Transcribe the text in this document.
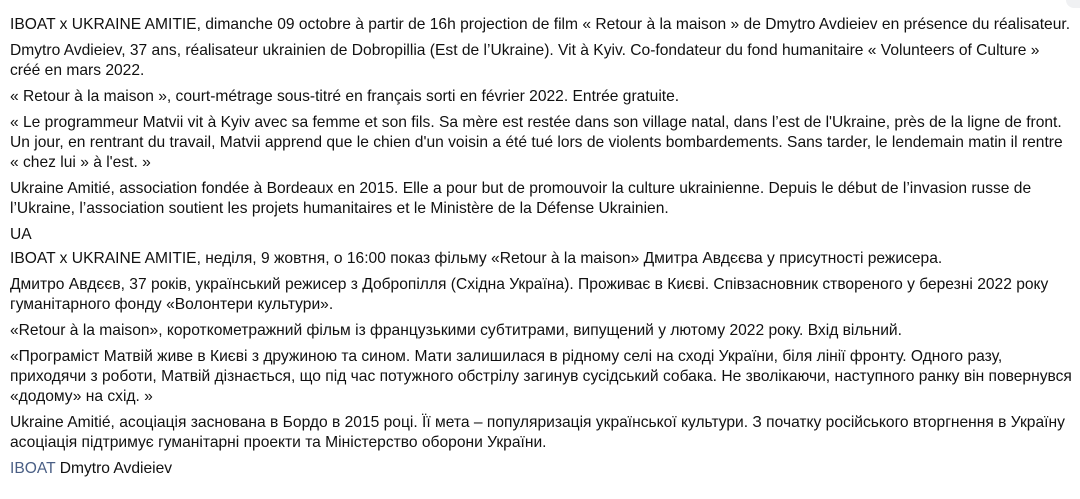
IBOAT x UKRAINE AMITIE, dimanche 09 octobre à partir de 16h projection de film « Retour à la maison » de Dmytro Avdieiev en présence du réalisateur.

Dmytro Avdieiev, 37 ans, réalisateur ukrainien de Dobropillia (Est de l’Ukraine). Vit à Kyiv. Co-fondateur du fond humanitaire « Volunteers of Culture » créé en mars 2022.

« Retour à la maison », court-métrage sous-titré en français sorti en février 2022. Entrée gratuite.

« Le programmeur Matvii vit à Kyiv avec sa femme et son fils. Sa mère est restée dans son village natal, dans l’est de l'Ukraine, près de la ligne de front. Un jour, en rentrant du travail, Matvii apprend que le chien d'un voisin a été tué lors de violents bombardements. Sans tarder, le lendemain matin il rentre « chez lui » à l'est. »

Ukraine Amitié, association fondée à Bordeaux en 2015. Elle a pour but de promouvoir la culture ukrainienne. Depuis le début de l’invasion russe de l’Ukraine, l’association soutient les projets humanitaires et le Ministère de la Défense Ukrainien.

UA

IBOAT x UKRAINE AMITIE, неділя, 9 жовтня, о 16:00 показ фільму «Retour à la maison» Дмитра Авдєєва у присутності режисера.

Дмитро Авдєєв, 37 років, український режисер з Добропілля (Східна Україна). Проживає в Києві. Співзасновник створеного у березні 2022 року гуманітарного фонду «Волонтери культури».

«Retour à la maison», короткометражний фільм із французькими субтитрами, випущений у лютому 2022 року. Вхід вільний.

«Програміст Матвій живе в Києві з дружиною та сином. Мати залишилася в рідному селі на сході України, біля лінії фронту. Одного разу, приходячи з роботи, Матвій дізнається, що під час потужного обстрілу загинув сусідський собака. Не зволікаючи, наступного ранку він повернувся «додому» на схід. »

Ukraine Amitié, асоціація заснована в Бордо в 2015 році. Її мета – популяризація української культури. З початку російського вторгнення в Україну асоціація підтримує гуманітарні проекти та Міністерство оборони України.

IBOAT Dmytro Avdieiev
